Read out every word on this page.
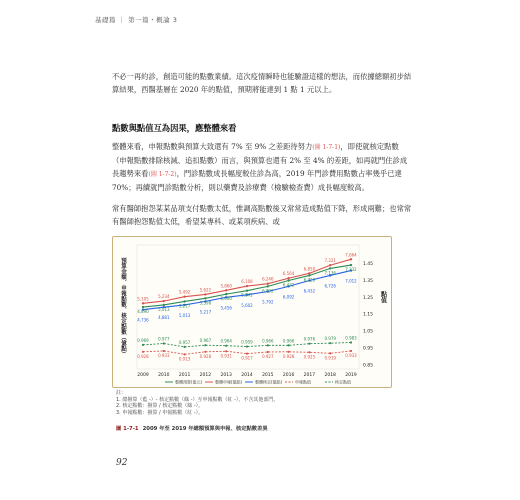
基礎篇 ｜ 第一篇・概論 3

不必一再約診，創造可能的點數業績。這次疫情瞬時也能驗證這樣的想法，而依據總額初步結算結果，西醫基層在 2020 年的點值，預期將能達到 1 點 1 元以上。

點數與點值互為因果，應整體來看

整體來看，申報點數與預算大致還有 7% 至 9% 之差距待努力(圖 1-7-1)，即使就核定點數（申報點數排除核減、追扣點數）而言，與預算也還有 2% 至 4% 的差距，如再就門住診成長趨勢來看(圖 1-7-2)，門診點數成長幅度較住診為高，2019 年門診費用點數占率幾乎已達 70%；再續就門診點數分析，則以藥費及診療費（檢驗檢查費）成長幅度較高。

常有醫師抱怨某某品項支付點數太低，惟調高點數後又常常造成點值下降，形成兩難；也常常有醫師抱怨點值太低，希望某專科、或某項疾病、或

預算金額、申報點數、核定點數（億點）	點值
1.45
1.35
1.25
1.15
1.05
0.95
0.85
2009 2010 2011 2012 2013 2014 2015 2016 2017 2018 2019
5,105 5,234
5,492 5,622
5,860
6,108 6,246
6,564
6,850
7,321
7,664
4,890 5,013
5,217
5,398
5,640
5,841
6,092
6,432
6,726
7,136
7,332
4,736 4,881 5,013
5,217
5,456
5,602
5,792
6,092
6,432
6,726
7,012
0.969 0.977
0.957 0.967 0.964 0.959 0.966 0.966 0.976 0.979 0.983
0.928 0.933
0.913
0.928 0.931 0.917 0.927 0.928 0.925 0.919 0.933
整體預算(億元)	整體申報(億點)	整體核定(億點)	申報點值	核定點值
註：
1. 總撥算（藍 -）- 核定點數（綠 -）互申報點數（紅 -），不含其他部門。
2. 核定點數：撥算 / 核定點數（綠 -）。
3. 申報點數：撥算 / 申報點數（紅 -）。
圖 1-7-1 2009 年至 2019 年總額預算與申報、核定點數差異
92
